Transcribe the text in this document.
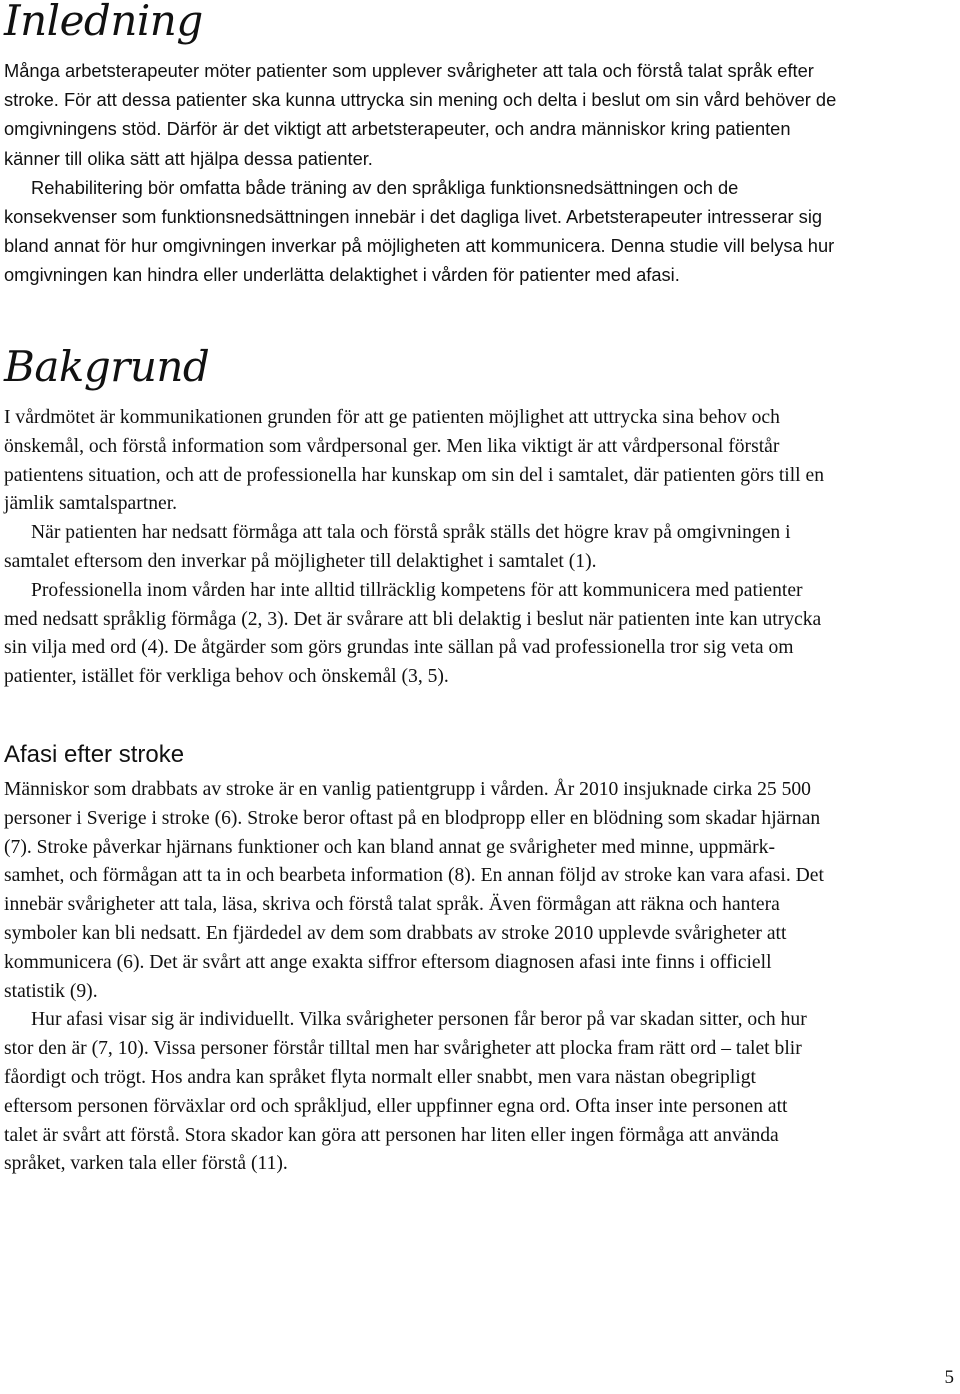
Inledning

Många arbetsterapeuter möter patienter som upplever svårigheter att tala och förstå talat språk efter

stroke. För att dessa patienter ska kunna uttrycka sin mening och delta i beslut om sin vård behöver de

omgivningens stöd. Därför är det viktigt att arbetsterapeuter, och andra människor kring patienten

känner till olika sätt att hjälpa dessa patienter.

Rehabilitering bör omfatta både träning av den språkliga funktionsnedsättningen och de

konsekvenser som funktionsnedsättningen innebär i det dagliga livet. Arbetsterapeuter intresserar sig

bland annat för hur omgivningen inverkar på möjligheten att kommunicera. Denna studie vill belysa hur

omgivningen kan hindra eller underlätta delaktighet i vården för patienter med afasi.

Bakgrund

I vårdmötet är kommunikationen grunden för att ge patienten möjlighet att uttrycka sina behov och

önskemål, och förstå information som vårdpersonal ger. Men lika viktigt är att vårdpersonal förstår

patientens situation, och att de professionella har kunskap om sin del i samtalet, där patienten görs till en

jämlik samtalspartner.

När patienten har nedsatt förmåga att tala och förstå språk ställs det högre krav på omgivningen i

samtalet eftersom den inverkar på möjligheter till delaktighet i samtalet (1).

Professionella inom vården har inte alltid tillräcklig kompetens för att kommunicera med patienter

med nedsatt språklig förmåga (2, 3). Det är svårare att bli delaktig i beslut när patienten inte kan utrycka

sin vilja med ord (4). De åtgärder som görs grundas inte sällan på vad professionella tror sig veta om

patienter, istället för verkliga behov och önskemål (3, 5).

Afasi efter stroke

Människor som drabbats av stroke är en vanlig patientgrupp i vården. År 2010 insjuknade cirka 25 500

personer i Sverige i stroke (6). Stroke beror oftast på en blodpropp eller en blödning som skadar hjärnan

(7). Stroke påverkar hjärnans funktioner och kan bland annat ge svårigheter med minne, uppmärk-

samhet, och förmågan att ta in och bearbeta information (8). En annan följd av stroke kan vara afasi. Det

innebär svårigheter att tala, läsa, skriva och förstå talat språk. Även förmågan att räkna och hantera

symboler kan bli nedsatt. En fjärdedel av dem som drabbats av stroke 2010 upplevde svårigheter att

kommunicera (6). Det är svårt att ange exakta siffror eftersom diagnosen afasi inte finns i officiell

statistik (9).

Hur afasi visar sig är individuellt. Vilka svårigheter personen får beror på var skadan sitter, och hur

stor den är (7, 10). Vissa personer förstår tilltal men har svårigheter att plocka fram rätt ord – talet blir

fåordigt och trögt. Hos andra kan språket flyta normalt eller snabbt, men vara nästan obegripligt

eftersom personen förväxlar ord och språkljud, eller uppfinner egna ord. Ofta inser inte personen att

talet är svårt att förstå. Stora skador kan göra att personen har liten eller ingen förmåga att använda

språket, varken tala eller förstå (11).

5
